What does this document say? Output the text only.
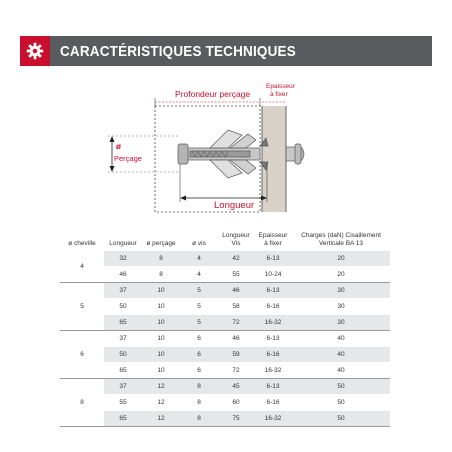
CARACTÉRISTIQUES TECHNIQUES
Profondeur perçage
Epaisseur
à fixer
ø
Perçage
Longueur
ø cheville	Longueur	ø perçage	ø vis	Longueur
Vis	Epaisseur
à fixer	Charges (daN) Cisaillement
Verticale BA 13
4	32	8	4	42	6-13	20
	46	8	4	55	10-24	20
5	37	10	5	46	6-13	30
	50	10	5	58	6-16	30
	65	10	5	72	16-32	30
6	37	10	6	46	6-13	40
	50	10	6	59	6-16	40
	65	10	6	72	16-32	40
8	37	12	8	45	6-13	50
	55	12	8	60	6-16	50
	65	12	8	75	16-32	50
